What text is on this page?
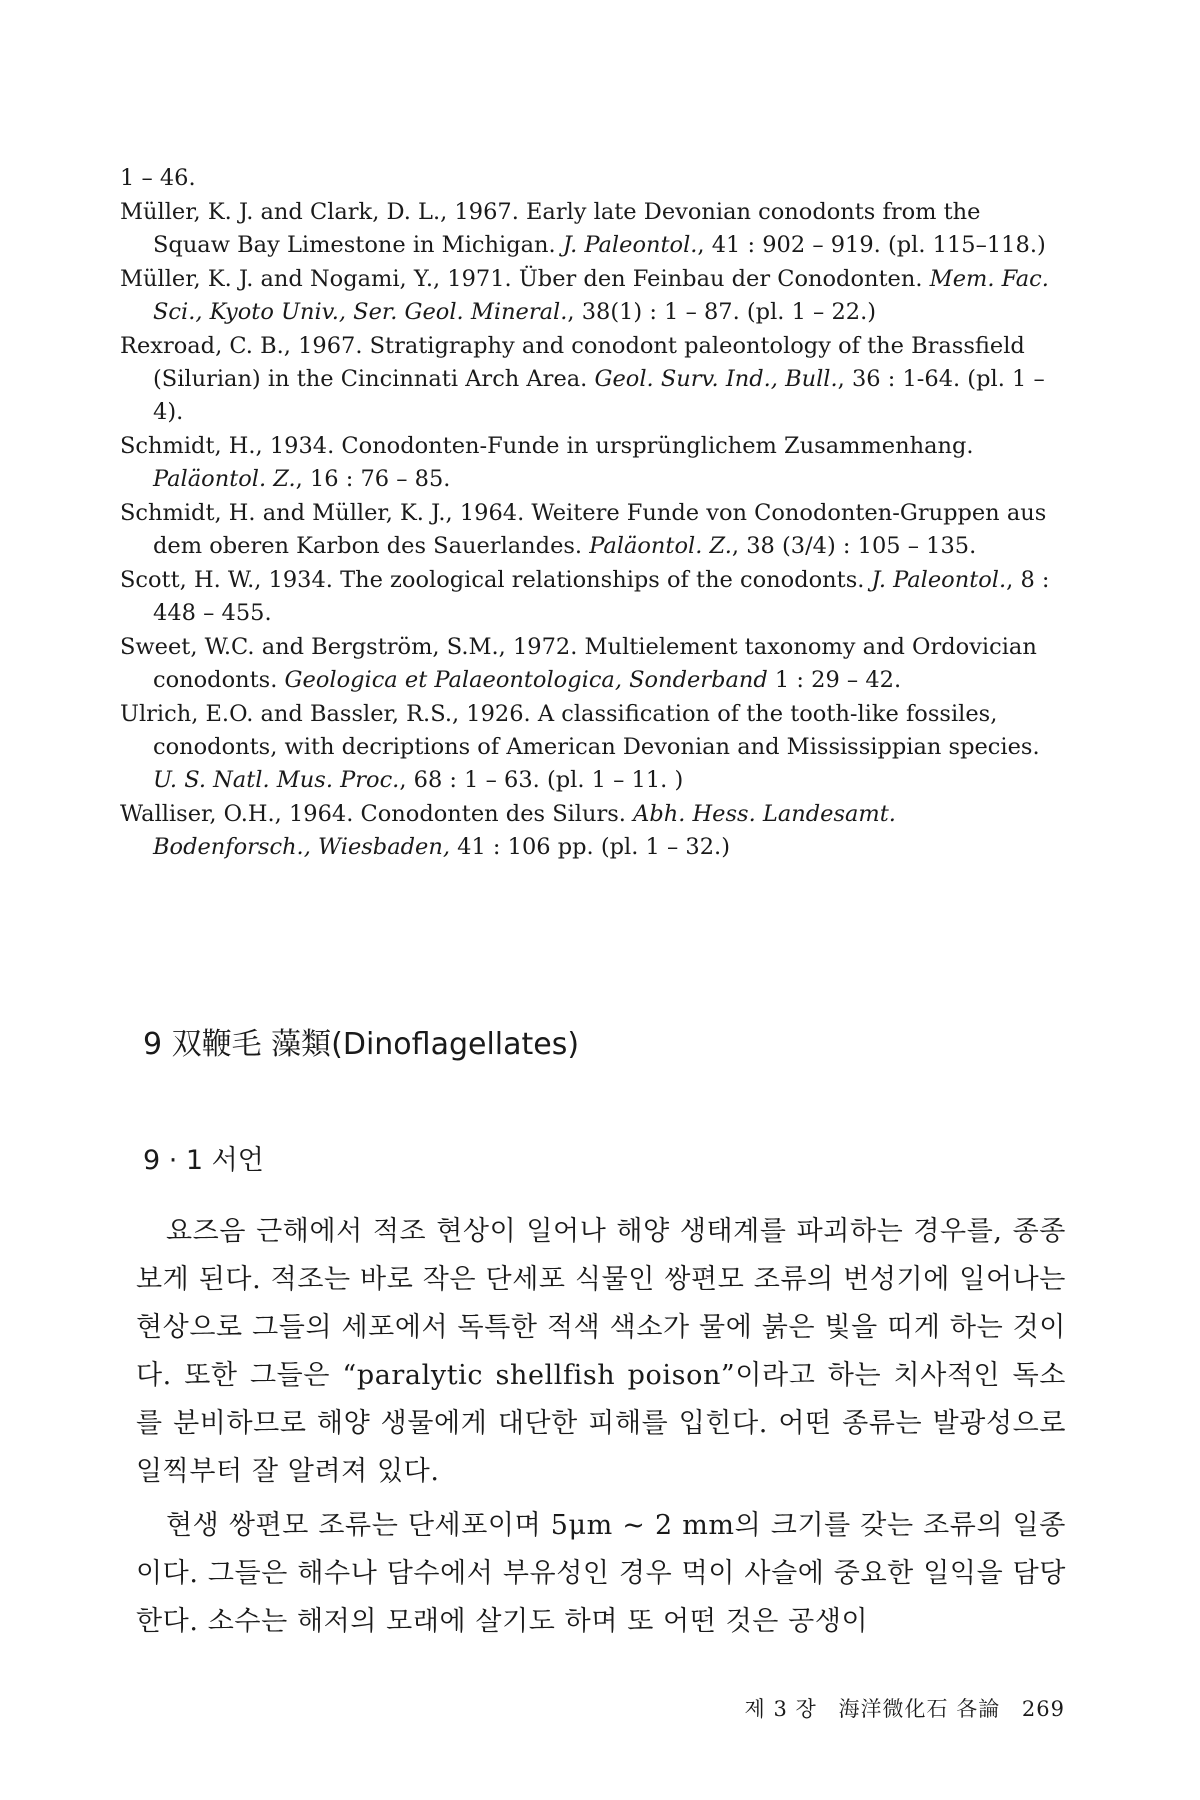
1 – 46.

Müller, K. J. and Clark, D. L., 1967. Early late Devonian conodonts from the Squaw Bay Limestone in Michigan. J. Paleontol., 41 : 902 – 919. (pl. 115–118.)

Müller, K. J. and Nogami, Y., 1971. Über den Feinbau der Conodonten. Mem. Fac. Sci., Kyoto Univ., Ser. Geol. Mineral., 38(1) : 1 – 87. (pl. 1 – 22.)

Rexroad, C. B., 1967. Stratigraphy and conodont paleontology of the Brassfield (Silurian) in the Cincinnati Arch Area. Geol. Surv. Ind., Bull., 36 : 1-64. (pl. 1 – 4).

Schmidt, H., 1934. Conodonten-Funde in ursprünglichem Zusammenhang. Paläontol. Z., 16 : 76 – 85.

Schmidt, H. and Müller, K. J., 1964. Weitere Funde von Conodonten-Gruppen aus dem oberen Karbon des Sauerlandes. Paläontol. Z., 38 (3/4) : 105 – 135.

Scott, H. W., 1934. The zoological relationships of the conodonts. J. Paleontol., 8 : 448 – 455.

Sweet, W.C. and Bergström, S.M., 1972. Multielement taxonomy and Ordovician conodonts. Geologica et Palaeontologica, Sonderband 1 : 29 – 42.

Ulrich, E.O. and Bassler, R.S., 1926. A classification of the tooth-like fossiles, conodonts, with decriptions of American Devonian and Mississippian species. U. S. Natl. Mus. Proc., 68 : 1 – 63. (pl. 1 – 11. )

Walliser, O.H., 1964. Conodonten des Silurs. Abh. Hess. Landesamt. Bodenforsch., Wiesbaden, 41 : 106 pp. (pl. 1 – 32.)

9 双鞭毛 藻類(Dinoflagellates)
9 · 1 서언

요즈음 근해에서 적조 현상이 일어나 해양 생태계를 파괴하는 경우를, 종종 보게 된다. 적조는 바로 작은 단세포 식물인 쌍편모 조류의 번성기에 일어나는 현상으로 그들의 세포에서 독특한 적색 색소가 물에 붉은 빛을 띠게 하는 것이다. 또한 그들은 “paralytic shellfish poison”이라고 하는 치사적인 독소를 분비하므로 해양 생물에게 대단한 피해를 입힌다. 어떤 종류는 발광성으로 일찍부터 잘 알려져 있다.

현생 쌍편모 조류는 단세포이며 5μm ~ 2 mm의 크기를 갖는 조류의 일종이다. 그들은 해수나 담수에서 부유성인 경우 먹이 사슬에 중요한 일익을 담당한다. 소수는 해저의 모래에 살기도 하며 또 어떤 것은 공생이

제 3 장 海洋微化石 各論 269
